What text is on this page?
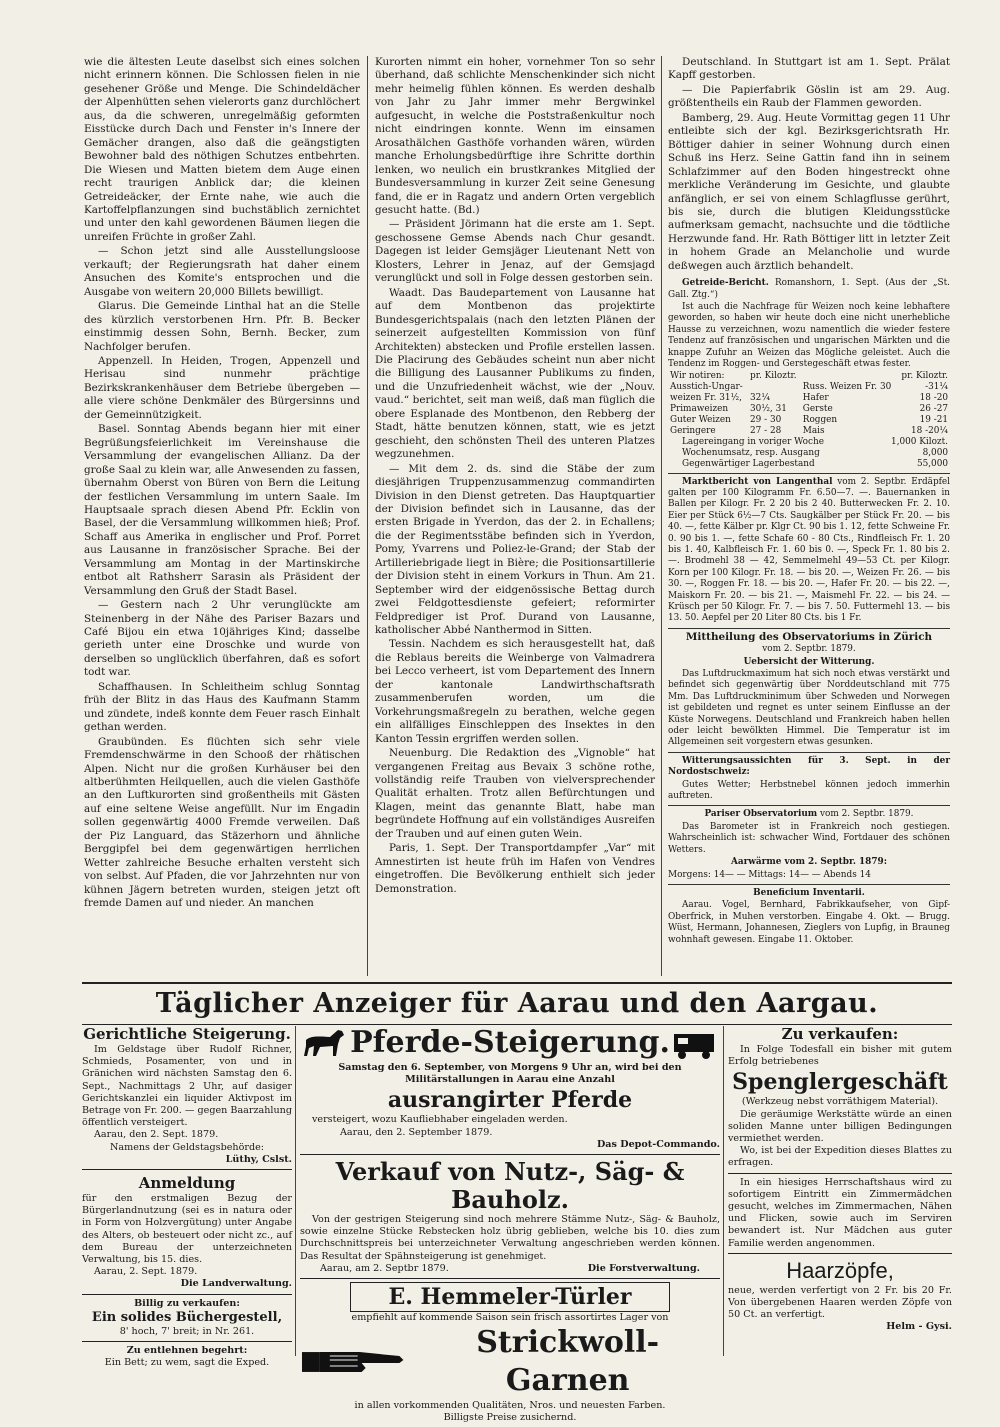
wie die ältesten Leute daselbst sich eines solchen nicht erinnern können. Die Schlossen fielen in nie gesehener Größe und Menge. Die Schindeldächer der Alpenhütten sehen vielerorts ganz durchlöchert aus, da die schweren, unregelmäßig geformten Eisstücke durch Dach und Fenster in's Innere der Gemächer drangen, also daß die geängstigten Bewohner bald des nöthigen Schutzes entbehrten. Die Wiesen und Matten bietem dem Auge einen recht traurigen Anblick dar; die kleinen Getreideäcker, der Ernte nahe, wie auch die Kartoffelpflanzungen sind buchstäblich zernichtet und unter den kahl gewordenen Bäumen liegen die unreifen Früchte in großer Zahl.

— Schon jetzt sind alle Ausstellungsloose verkauft; der Regierungsrath hat daher einem Ansuchen des Komite's entsprochen und die Ausgabe von weitern 20,000 Billets bewilligt.

Glarus. Die Gemeinde Linthal hat an die Stelle des kürzlich verstorbenen Hrn. Pfr. B. Becker einstimmig dessen Sohn, Bernh. Becker, zum Nachfolger berufen.

Appenzell. In Heiden, Trogen, Appenzell und Herisau sind nunmehr prächtige Bezirkskrankenhäuser dem Betriebe übergeben — alle viere schöne Denkmäler des Bürgersinns und der Gemeinnützigkeit.

Basel. Sonntag Abends begann hier mit einer Begrüßungsfeierlichkeit im Vereinshause die Versammlung der evangelischen Allianz. Da der große Saal zu klein war, alle Anwesenden zu fassen, übernahm Oberst von Büren von Bern die Leitung der festlichen Versammlung im untern Saale. Im Hauptsaale sprach diesen Abend Pfr. Ecklin von Basel, der die Versammlung willkommen hieß; Prof. Schaff aus Amerika in englischer und Prof. Porret aus Lausanne in französischer Sprache. Bei der Versammlung am Montag in der Martinskirche entbot alt Rathsherr Sarasin als Präsident der Versammlung den Gruß der Stadt Basel.

— Gestern nach 2 Uhr verunglückte am Steinenberg in der Nähe des Pariser Bazars und Café Bijou ein etwa 10jähriges Kind; dasselbe gerieth unter eine Droschke und wurde von derselben so unglücklich überfahren, daß es sofort todt war.

Schaffhausen. In Schleitheim schlug Sonntag früh der Blitz in das Haus des Kaufmann Stamm und zündete, indeß konnte dem Feuer rasch Einhalt gethan werden.

Graubünden. Es flüchten sich sehr viele Fremdenschwärme in den Schooß der rhätischen Alpen. Nicht nur die großen Kurhäuser bei den altberühmten Heilquellen, auch die vielen Gasthöfe an den Luftkurorten sind großentheils mit Gästen auf eine seltene Weise angefüllt. Nur im Engadin sollen gegenwärtig 4000 Fremde verweilen. Daß der Piz Languard, das Stäzerhorn und ähnliche Berggipfel bei dem gegenwärtigen herrlichen Wetter zahlreiche Besuche erhalten versteht sich von selbst. Auf Pfaden, die vor Jahrzehnten nur von kühnen Jägern betreten wurden, steigen jetzt oft fremde Damen auf und nieder. An manchen

Kurorten nimmt ein hoher, vornehmer Ton so sehr überhand, daß schlichte Menschenkinder sich nicht mehr heimelig fühlen können. Es werden deshalb von Jahr zu Jahr immer mehr Bergwinkel aufgesucht, in welche die Poststraßenkultur noch nicht eindringen konnte. Wenn im einsamen Arosathälchen Gasthöfe vorhanden wären, würden manche Erholungsbedürftige ihre Schritte dorthin lenken, wo neulich ein brustkrankes Mitglied der Bundesversammlung in kurzer Zeit seine Genesung fand, die er in Ragatz und andern Orten vergeblich gesucht hatte. (Bd.)

— Präsident Jörimann hat die erste am 1. Sept. geschossene Gemse Abends nach Chur gesandt. Dagegen ist leider Gemsjäger Lieutenant Nett von Klosters, Lehrer in Jenaz, auf der Gemsjagd verunglückt und soll in Folge dessen gestorben sein.

Waadt. Das Baudepartement von Lausanne hat auf dem Montbenon das projektirte Bundesgerichtspalais (nach den letzten Plänen der seinerzeit aufgestellten Kommission von fünf Architekten) abstecken und Profile erstellen lassen. Die Placirung des Gebäudes scheint nun aber nicht die Billigung des Lausanner Publikums zu finden, und die Unzufriedenheit wächst, wie der „Nouv. vaud.“ berichtet, seit man weiß, daß man füglich die obere Esplanade des Montbenon, den Rebberg der Stadt, hätte benutzen können, statt, wie es jetzt geschieht, den schönsten Theil des unteren Platzes wegzunehmen.

— Mit dem 2. ds. sind die Stäbe der zum diesjährigen Truppenzusammenzug commandirten Division in den Dienst getreten. Das Hauptquartier der Division befindet sich in Lausanne, das der ersten Brigade in Yverdon, das der 2. in Echallens; die der Regimentsstäbe befinden sich in Yverdon, Pomy, Yvarrens und Poliez-le-Grand; der Stab der Artilleriebrigade liegt in Bière; die Positionsartillerie der Division steht in einem Vorkurs in Thun. Am 21. September wird der eidgenössische Bettag durch zwei Feldgottesdienste gefeiert; reformirter Feldprediger ist Prof. Durand von Lausanne, katholischer Abbé Nanthermod in Sitten.

Tessin. Nachdem es sich herausgestellt hat, daß die Reblaus bereits die Weinberge von Valmadrera bei Lecco verheert, ist vom Departement des Innern der kantonale Landwirthschaftsrath zusammenberufen worden, um die Vorkehrungsmaßregeln zu berathen, welche gegen ein allfälliges Einschleppen des Insektes in den Kanton Tessin ergriffen werden sollen.

Neuenburg. Die Redaktion des „Vignoble“ hat vergangenen Freitag aus Bevaix 3 schöne rothe, vollständig reife Trauben von vielversprechender Qualität erhalten. Trotz allen Befürchtungen und Klagen, meint das genannte Blatt, habe man begründete Hoffnung auf ein vollständiges Ausreifen der Trauben und auf einen guten Wein.

Paris, 1. Sept. Der Transportdampfer „Var“ mit Amnestirten ist heute früh im Hafen von Vendres eingetroffen. Die Bevölkerung enthielt sich jeder Demonstration.

Deutschland. In Stuttgart ist am 1. Sept. Prälat Kapff gestorben.

— Die Papierfabrik Göslin ist am 29. Aug. größtentheils ein Raub der Flammen geworden.

Bamberg, 29. Aug. Heute Vormittag gegen 11 Uhr entleibte sich der kgl. Bezirksgerichtsrath Hr. Böttiger dahier in seiner Wohnung durch einen Schuß ins Herz. Seine Gattin fand ihn in seinem Schlafzimmer auf den Boden hingestreckt ohne merkliche Veränderung im Gesichte, und glaubte anfänglich, er sei von einem Schlagflusse gerührt, bis sie, durch die blutigen Kleidungsstücke aufmerksam gemacht, nachsuchte und die tödtliche Herzwunde fand. Hr. Rath Böttiger litt in letzter Zeit in hohem Grade an Melancholie und wurde deßwegen auch ärztlich behandelt.

Getreide-Bericht. Romanshorn, 1. Sept. (Aus der „St. Gall. Ztg.“)

Ist auch die Nachfrage für Weizen noch keine lebhaftere geworden, so haben wir heute doch eine nicht unerhebliche Hausse zu verzeichnen, wozu namentlich die wieder festere Tendenz auf französischen und ungarischen Märkten und die knappe Zufuhr an Weizen das Mögliche geleistet. Auch die Tendenz im Roggen- und Gerstegeschäft etwas fester.

Wir notiren:	pr. Kiloztr.		pr. Kiloztr.
Ausstich-Ungar-		Russ. Weizen Fr. 30	-31¼
weizen Fr. 31½,	32¼	Hafer	18 -20
Primaweizen	30½, 31	Gerste	26 -27
Guter Weizen	29 - 30	Roggen	19 -21
Geringere	27 - 28	Mais	18 -20¼
Lagereingang in voriger Woche	1,000 Kilozt.
Wochenumsatz, resp. Ausgang	8,000
Gegenwärtiger Lagerbestand	55,000

Marktbericht von Langenthal vom 2. Septbr. Erdäpfel galten per 100 Kilogramm Fr. 6.50—7. —. Bauernanken in Ballen per Kilogr. Fr. 2 20 bis 2 40. Butterwecken Fr. 2. 10. Eier per Stück 6½—7 Cts. Saugkälber per Stück Fr. 20. — bis 40. —, fette Kälber pr. Klgr Ct. 90 bis 1. 12, fette Schweine Fr. 0. 90 bis 1. —, fette Schafe 60 - 80 Cts., Rindfleisch Fr. 1. 20 bis 1. 40, Kalbfleisch Fr. 1. 60 bis 0. —, Speck Fr. 1. 80 bis 2. —. Brodmehl 38 — 42, Semmelmehl 49—53 Ct. per Kilogr. Korn per 100 Kilogr. Fr. 18. — bis 20. —, Weizen Fr. 26. — bis 30. —, Roggen Fr. 18. — bis 20. —, Hafer Fr. 20. — bis 22. —, Maiskorn Fr. 20. — bis 21. —, Maismehl Fr. 22. — bis 24. — Krüsch per 50 Kilogr. Fr. 7. — bis 7. 50. Futtermehl 13. — bis 13. 50. Aepfel per 20 Liter 80 Cts. bis 1 Fr.

Mittheilung des Observatoriums in Zürich

vom 2. Septbr. 1879.

Uebersicht der Witterung.

Das Luftdruckmaximum hat sich noch etwas verstärkt und befindet sich gegenwärtig über Norddeutschland mit 775 Mm. Das Luftdruckminimum über Schweden und Norwegen ist gebildeten und regnet es unter seinem Einflusse an der Küste Norwegens. Deutschland und Frankreich haben hellen oder leicht bewölkten Himmel. Die Temperatur ist im Allgemeinen seit vorgestern etwas gesunken.

Witterungsaussichten für 3. Sept. in der Nordostschweiz:

Gutes Wetter; Herbstnebel können jedoch immerhin auftreten.

Pariser Observatorium vom 2. Septbr. 1879.

Das Barometer ist in Frankreich noch gestiegen. Wahrscheinlich ist: schwacher Wind, Fortdauer des schönen Wetters.

Aarwärme vom 2. Septbr. 1879:

Morgens: 14— — Mittags: 14— — Abends 14

Beneficium Inventarii.

Aarau. Vogel, Bernhard, Fabrikkaufseher, von Gipf-Oberfrick, in Muhen verstorben. Eingabe 4. Okt. — Brugg. Wüst, Hermann, Johannesen, Zieglers von Lupfig, in Brauneg wohnhaft gewesen. Eingabe 11. Oktober.

Täglicher Anzeiger für Aarau und den Aargau.

Gerichtliche Steigerung.

Im Geldstage über Rudolf Richner, Schmieds, Posamenter, von und in Gränichen wird nächsten Samstag den 6. Sept., Nachmittags 2 Uhr, auf dasiger Gerichtskanzlei ein liquider Aktivpost im Betrage von Fr. 200. — gegen Baarzahlung öffentlich versteigert.

Aarau, den 2. Sept. 1879.

Namens der Geldstagsbehörde:

Lüthy, Cslst.

Anmeldung

für den erstmaligen Bezug der Bürgerlandnutzung (sei es in natura oder in Form von Holzvergütung) unter Angabe des Alters, ob besteuert oder nicht zc., auf dem Bureau der unterzeichneten Verwaltung, bis 15. dies.

Aarau, 2. Sept. 1879.

Die Landverwaltung.

Billig zu verkaufen:

Ein solides Büchergestell,

8' hoch, 7' breit; in Nr. 261.

Zu entlehnen begehrt:

Ein Bett; zu wem, sagt die Exped.

Pferde-Steigerung.

Samstag den 6. September, von Morgens 9 Uhr an, wird bei den Militärstallungen in Aarau eine Anzahl

ausrangirter Pferde

versteigert, wozu Kaufliebhaber eingeladen werden.

Aarau, den 2. September 1879.

Das Depot-Commando.

Verkauf von Nutz-, Säg- & Bauholz.

Von der gestrigen Steigerung sind noch mehrere Stämme Nutz-, Säg- & Bauholz, sowie einzelne Stücke Rebstecken holz übrig geblieben, welche bis 10. dies zum Durchschnittspreis bei unterzeichneter Verwaltung angeschrieben werden können. Das Resultat der Spähnsteigerung ist genehmiget.

Aarau, am 2. Septbr 1879.	Die Forstverwaltung.

E. Hemmeler-Türler

empfiehlt auf kommende Saison sein frisch assortirtes Lager von

Strickwoll-Garnen

in allen vorkommenden Qualitäten, Nros. und neuesten Farben.

Billigste Preise zusichernd.

Zu verkaufen:

In Folge Todesfall ein bisher mit gutem Erfolg betriebenes

Spenglergeschäft

(Werkzeug nebst vorräthigem Material).

Die geräumige Werkstätte würde an einen soliden Manne unter billigen Bedingungen vermiethet werden.

Wo, ist bei der Expedition dieses Blattes zu erfragen.

In ein hiesiges Herrschaftshaus wird zu sofortigem Eintritt ein Zimmermädchen gesucht, welches im Zimmermachen, Nähen und Flicken, sowie auch im Serviren bewandert ist. Nur Mädchen aus guter Familie werden angenommen.

Haarzöpfe,

neue, werden verfertigt von 2 Fr. bis 20 Fr. Von übergebenen Haaren werden Zöpfe von 50 Ct. an verfertigt.

Helm - Gysi.
